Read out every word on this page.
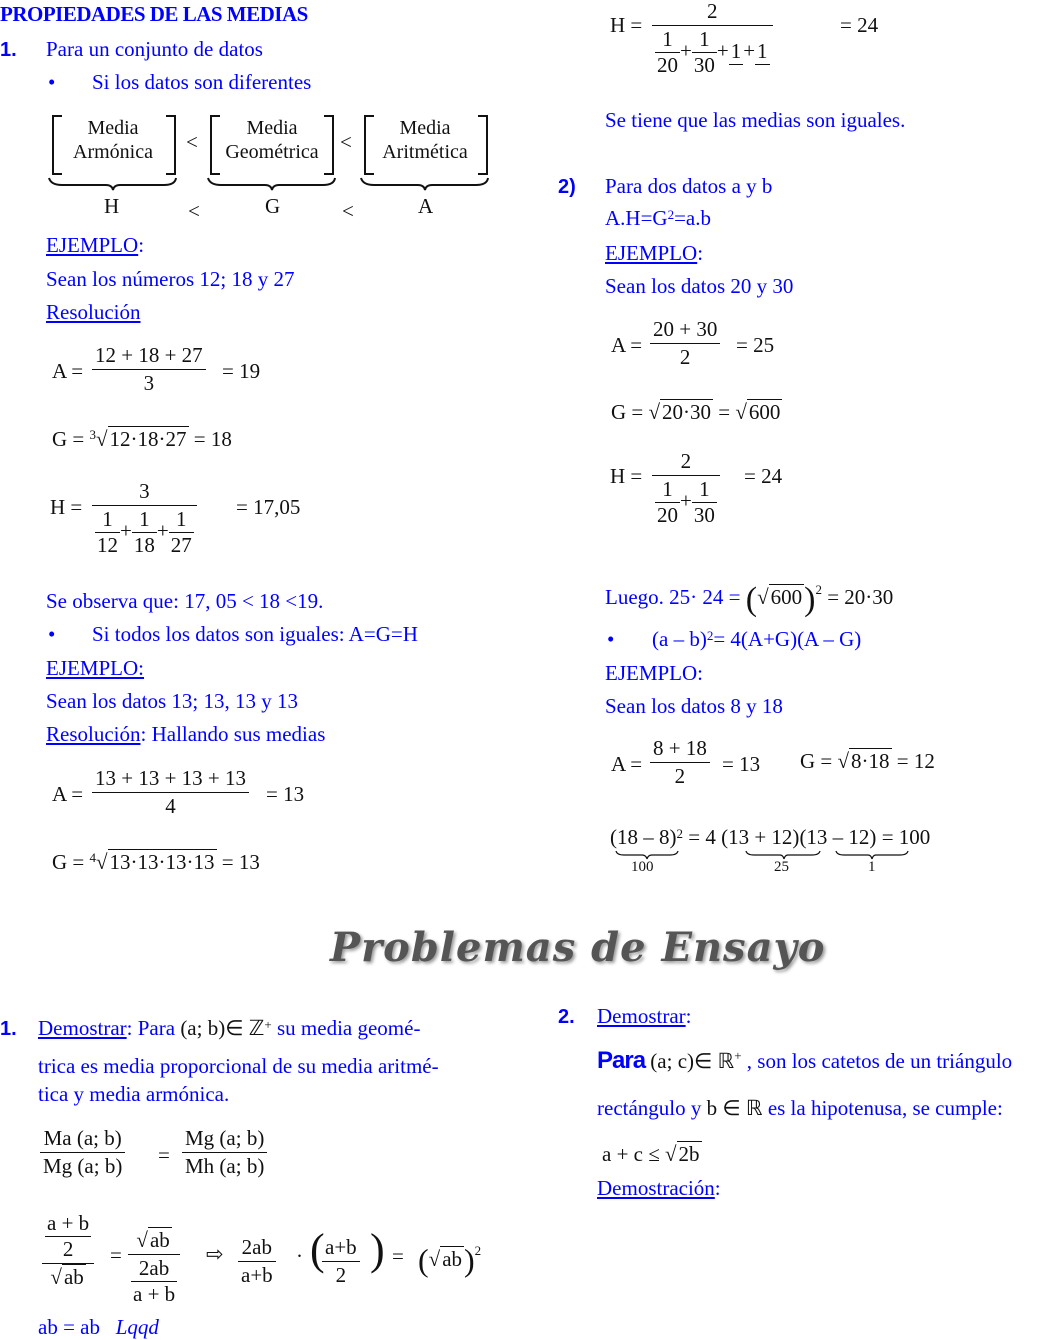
PROPIEDADES DE LAS MEDIAS
1. Para un conjunto de datos
• Si los datos son diferentes
Media
Armónica
Media
Geométrica
Media
Aritmética
<	<
H	<	G	<	A
EJEMPLO:
Sean los números 12; 18 y 27
Resolución
$A = \frac{12 + 18 + 27}{3} = 19$
G = $^3$√12·18·27 = 18
$H = \frac{3}{\frac{1}{12} + \frac{1}{18} + \frac{1}{27}} = 17,05$
Se observa que: 17, 05 < 18 <19.
• Si todos los datos son iguales: A=G=H
EJEMPLO:
Sean los datos 13; 13, 13 y 13
Resolución: Hallando sus medias
$A = \frac{13 + 13 + 13 + 13}{4} = 13$
G = $^4$√13·13·13·13 = 13
$H = \frac{2}{\frac{1}{20} + \frac{1}{30} + 1 + 1}$	= 24
Se tiene que las medias son iguales.
2) Para dos datos a y b
$A.H=G^2=a.b$
EJEMPLO:
Sean los datos 20 y 30
$A = \frac{20 + 30}{2} = 25$
G = √20·30 = √600
$H = \frac{2}{\frac{1}{20} + \frac{1}{30}} = 24$
Luego. $25\cdot 24 = (√600)^2 = 20\cdot 30$
• (a – b)$^2$= 4(A+G)(A – G)
EJEMPLO:
Sean los datos 8 y 18
$A = \frac{8 + 18}{2} = 13$ G = √8·18 = 12
(18 – 8)$^2$ = 4 (13 + 12)(13 – 12) = 100
100	25	1
Problemas de Ensayo
1. Demostrar: Para (a; b)∈ ℤ+ su media geomé-
trica es media proporcional de su media aritmé-
tica y media armónica.
$\frac{Ma (a; b)}{Mg (a; b)} = \frac{Mg (a; b)}{Mh (a; b)}$
$\frac{\frac{a + b}{2}}{√ab}$ =
√ab
$\frac{2ab}{a + b}$
⇨ $\frac{2ab}{a+b}$ · (
$\frac{a+b}{2}$ ) = $(√ab)^2$
ab = ab Lqqd
2. Demostrar:
Para (a; c)∈ ℝ+ , son los catetos de un triángulo
rectángulo y b ∈ ℝ es la hipotenusa, se cumple:
a + c ≤ √2b
Demostración:
